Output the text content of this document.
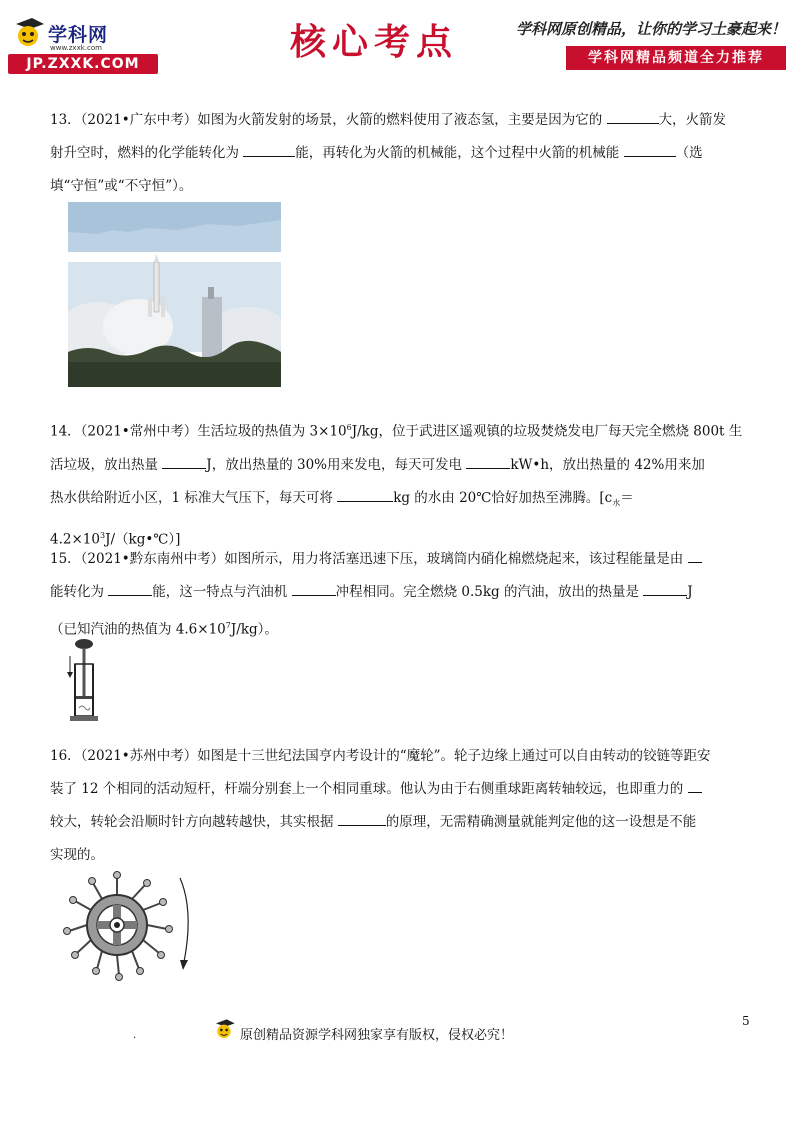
学科网
www.zxxk.com
JP.ZXXK.COM
核心考点	学科网原创精品，让你的学习土豪起来！
学科网精品频道全力推荐
13．（2021•广东中考）如图为火箭发射的场景，火箭的燃料使用了液态氢，主要是因为它的	大，火箭发
射升空时，燃料的化学能转化为	能，再转化为火箭的机械能，这个过程中火箭的机械能	（选
填“守恒”或“不守恒”）。
14．（2021•常州中考）生活垃圾的热值为 $3\times 10^6J/kg$，位于武进区遥观镇的垃圾焚烧发电厂每天完全燃烧 800t 生
活垃圾，放出热量	J，放出热量的 30%用来发电，每天可发电	kW•h，放出热量的 42%用来加
热水供给附近小区，1 标准大气压下，每天可将	kg 的水由 20℃恰好加热至沸腾。[$c_水=$
$4.2\times 10^3J/(kg•℃)$]
15．（2021•黔东南州中考）如图所示，用力将活塞迅速下压，玻璃筒内硝化棉燃烧起来，该过程能量是由
能转化为	能，这一特点与汽油机	冲程相同。完全燃烧 0.5kg 的汽油，放出的热量是	J
（已知汽油的热值为 $4.6\times 10^7J/kg$）。
16．（2021•苏州中考）如图是十三世纪法国亨内考设计的“魔轮”。轮子边缘上通过可以自由转动的铰链等距安
装了 12 个相同的活动短杆，杆端分别套上一个相同重球。他认为由于右侧重球距离转轴较远，也即重力的
较大，转轮会沿顺时针方向越转越快，其实根据	的原理，无需精确测量就能判定他的这一设想是不能
实现的。
原创精品资源学科网独家享有版权，侵权必究！
5
.
